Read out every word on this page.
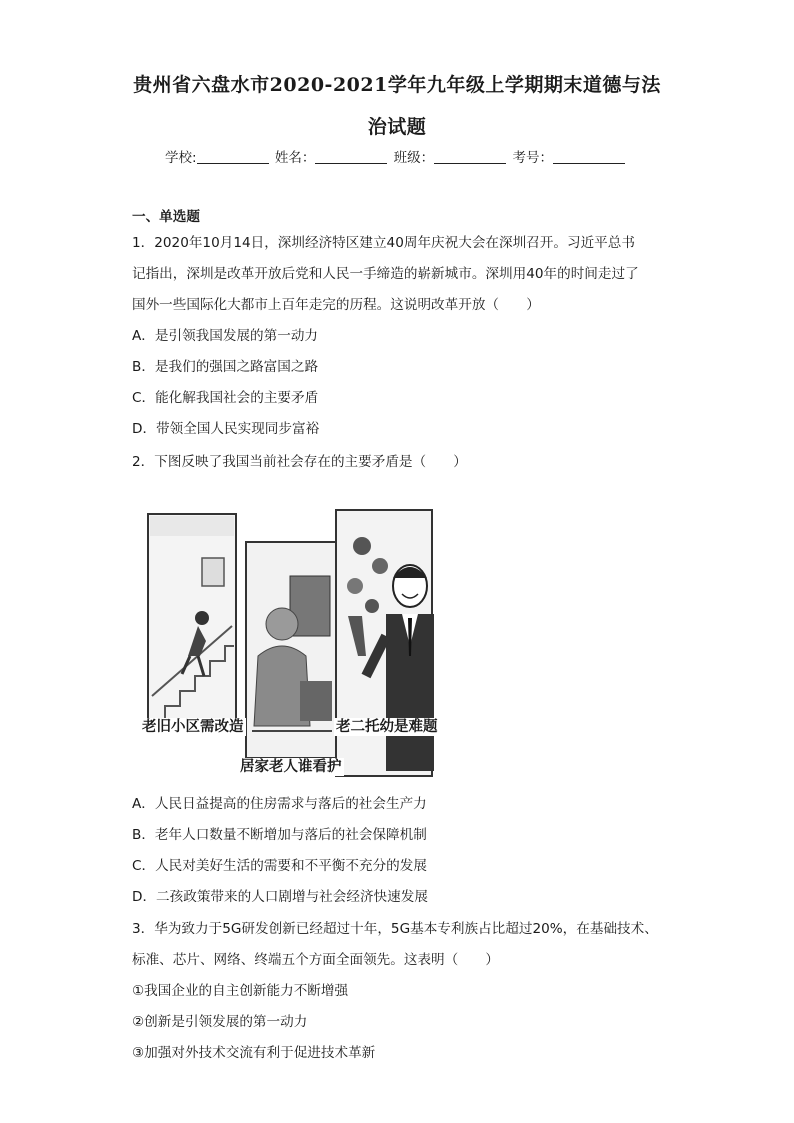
贵州省六盘水市2020-2021学年九年级上学期期末道德与法
治试题
学校:	姓名：	班级：	考号：
一、单选题
1．2020年10月14日，深圳经济特区建立40周年庆祝大会在深圳召开。习近平总书
记指出，深圳是改革开放后党和人民一手缔造的崭新城市。深圳用40年的时间走过了
国外一些国际化大都市上百年走完的历程。这说明改革开放（　　）
A．是引领我国发展的第一动力
B．是我们的强国之路富国之路
C．能化解我国社会的主要矛盾
D．带领全国人民实现同步富裕
2．下图反映了我国当前社会存在的主要矛盾是（　　）
老旧小区需改造
居家老人谁看护
老二托幼是难题
A．人民日益提高的住房需求与落后的社会生产力
B．老年人口数量不断增加与落后的社会保障机制
C．人民对美好生活的需要和不平衡不充分的发展
D．二孩政策带来的人口剧增与社会经济快速发展
3．华为致力于5G研发创新已经超过十年，5G基本专利族占比超过20%，在基础技术、
标准、芯片、网络、终端五个方面全面领先。这表明（　　）
①我国企业的自主创新能力不断增强
②创新是引领发展的第一动力
③加强对外技术交流有利于促进技术革新
